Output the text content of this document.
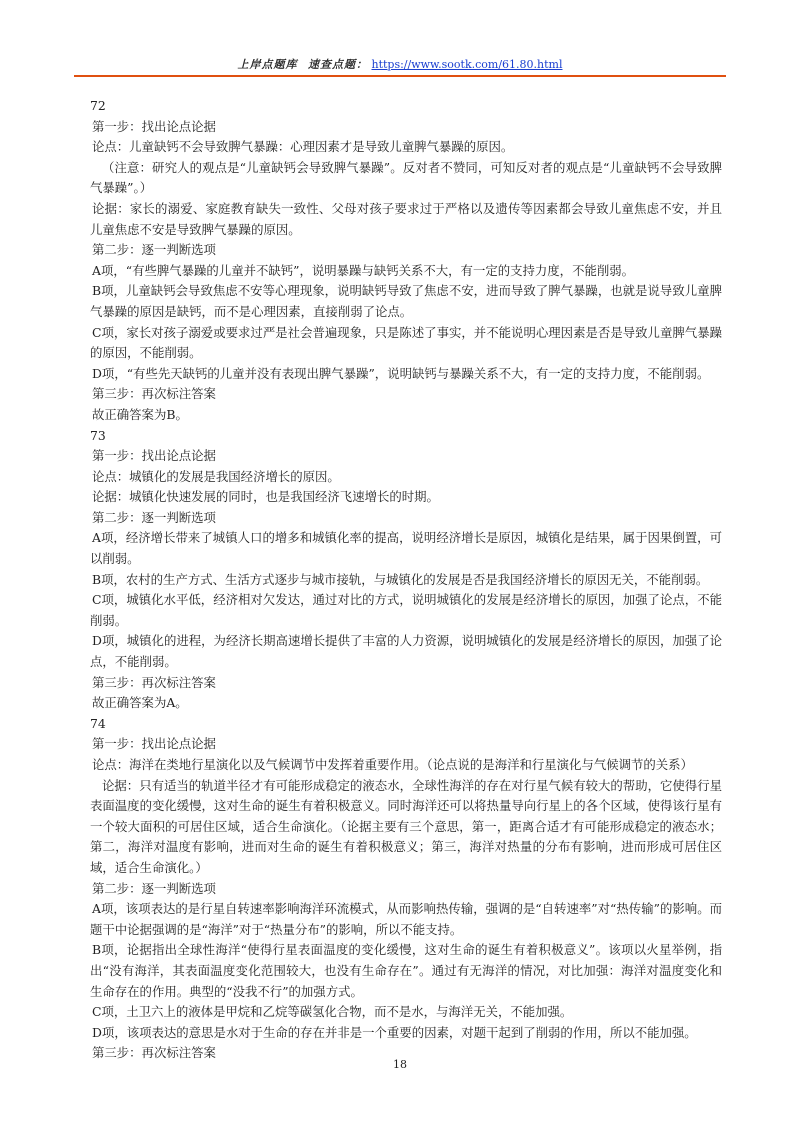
上岸点题库 速查点题： https://www.sootk.com/61.80.html

72

第一步：找出论点论据

论点：儿童缺钙不会导致脾气暴躁：心理因素才是导致儿童脾气暴躁的原因。

（注意：研究人的观点是“儿童缺钙会导致脾气暴躁”。反对者不赞同，可知反对者的观点是“儿童缺钙不会导致脾气暴躁”。）

论据：家长的溺爱、家庭教育缺失一致性、父母对孩子要求过于严格以及遗传等因素都会导致儿童焦虑不安，并且儿童焦虑不安是导致脾气暴躁的原因。

第二步：逐一判断选项

A项，“有些脾气暴躁的儿童并不缺钙”，说明暴躁与缺钙关系不大，有一定的支持力度，不能削弱。

B项，儿童缺钙会导致焦虑不安等心理现象，说明缺钙导致了焦虑不安，进而导致了脾气暴躁，也就是说导致儿童脾气暴躁的原因是缺钙，而不是心理因素，直接削弱了论点。

C项，家长对孩子溺爱或要求过严是社会普遍现象，只是陈述了事实，并不能说明心理因素是否是导致儿童脾气暴躁的原因，不能削弱。

D项，“有些先天缺钙的儿童并没有表现出脾气暴躁”，说明缺钙与暴躁关系不大，有一定的支持力度，不能削弱。

第三步：再次标注答案

故正确答案为B。

73

第一步：找出论点论据

论点：城镇化的发展是我国经济增长的原因。

论据：城镇化快速发展的同时，也是我国经济飞速增长的时期。

第二步：逐一判断选项

A项，经济增长带来了城镇人口的增多和城镇化率的提高，说明经济增长是原因，城镇化是结果，属于因果倒置，可以削弱。

B项，农村的生产方式、生活方式逐步与城市接轨，与城镇化的发展是否是我国经济增长的原因无关，不能削弱。

C项，城镇化水平低，经济相对欠发达，通过对比的方式，说明城镇化的发展是经济增长的原因，加强了论点，不能削弱。

D项，城镇化的进程，为经济长期高速增长提供了丰富的人力资源，说明城镇化的发展是经济增长的原因，加强了论点，不能削弱。

第三步：再次标注答案

故正确答案为A。

74

第一步：找出论点论据

论点：海洋在类地行星演化以及气候调节中发挥着重要作用。（论点说的是海洋和行星演化与气候调节的关系）

论据：只有适当的轨道半径才有可能形成稳定的液态水，全球性海洋的存在对行星气候有较大的帮助，它使得行星表面温度的变化缓慢，这对生命的诞生有着积极意义。同时海洋还可以将热量导向行星上的各个区域，使得该行星有一个较大面积的可居住区域，适合生命演化。（论据主要有三个意思，第一，距离合适才有可能形成稳定的液态水；第二，海洋对温度有影响，进而对生命的诞生有着积极意义；第三，海洋对热量的分布有影响，进而形成可居住区域，适合生命演化。）

第二步：逐一判断选项

A项，该项表达的是行星自转速率影响海洋环流模式，从而影响热传输，强调的是“自转速率”对“热传输”的影响。而题干中论据强调的是“海洋”对于“热量分布”的影响，所以不能支持。

B项，论据指出全球性海洋“使得行星表面温度的变化缓慢，这对生命的诞生有着积极意义”。该项以火星举例，指出“没有海洋，其表面温度变化范围较大，也没有生命存在”。通过有无海洋的情况，对比加强：海洋对温度变化和生命存在的作用。典型的“没我不行”的加强方式。

C项，土卫六上的液体是甲烷和乙烷等碳氢化合物，而不是水，与海洋无关，不能加强。

D项，该项表达的意思是水对于生命的存在并非是一个重要的因素，对题干起到了削弱的作用，所以不能加强。

第三步：再次标注答案

18
